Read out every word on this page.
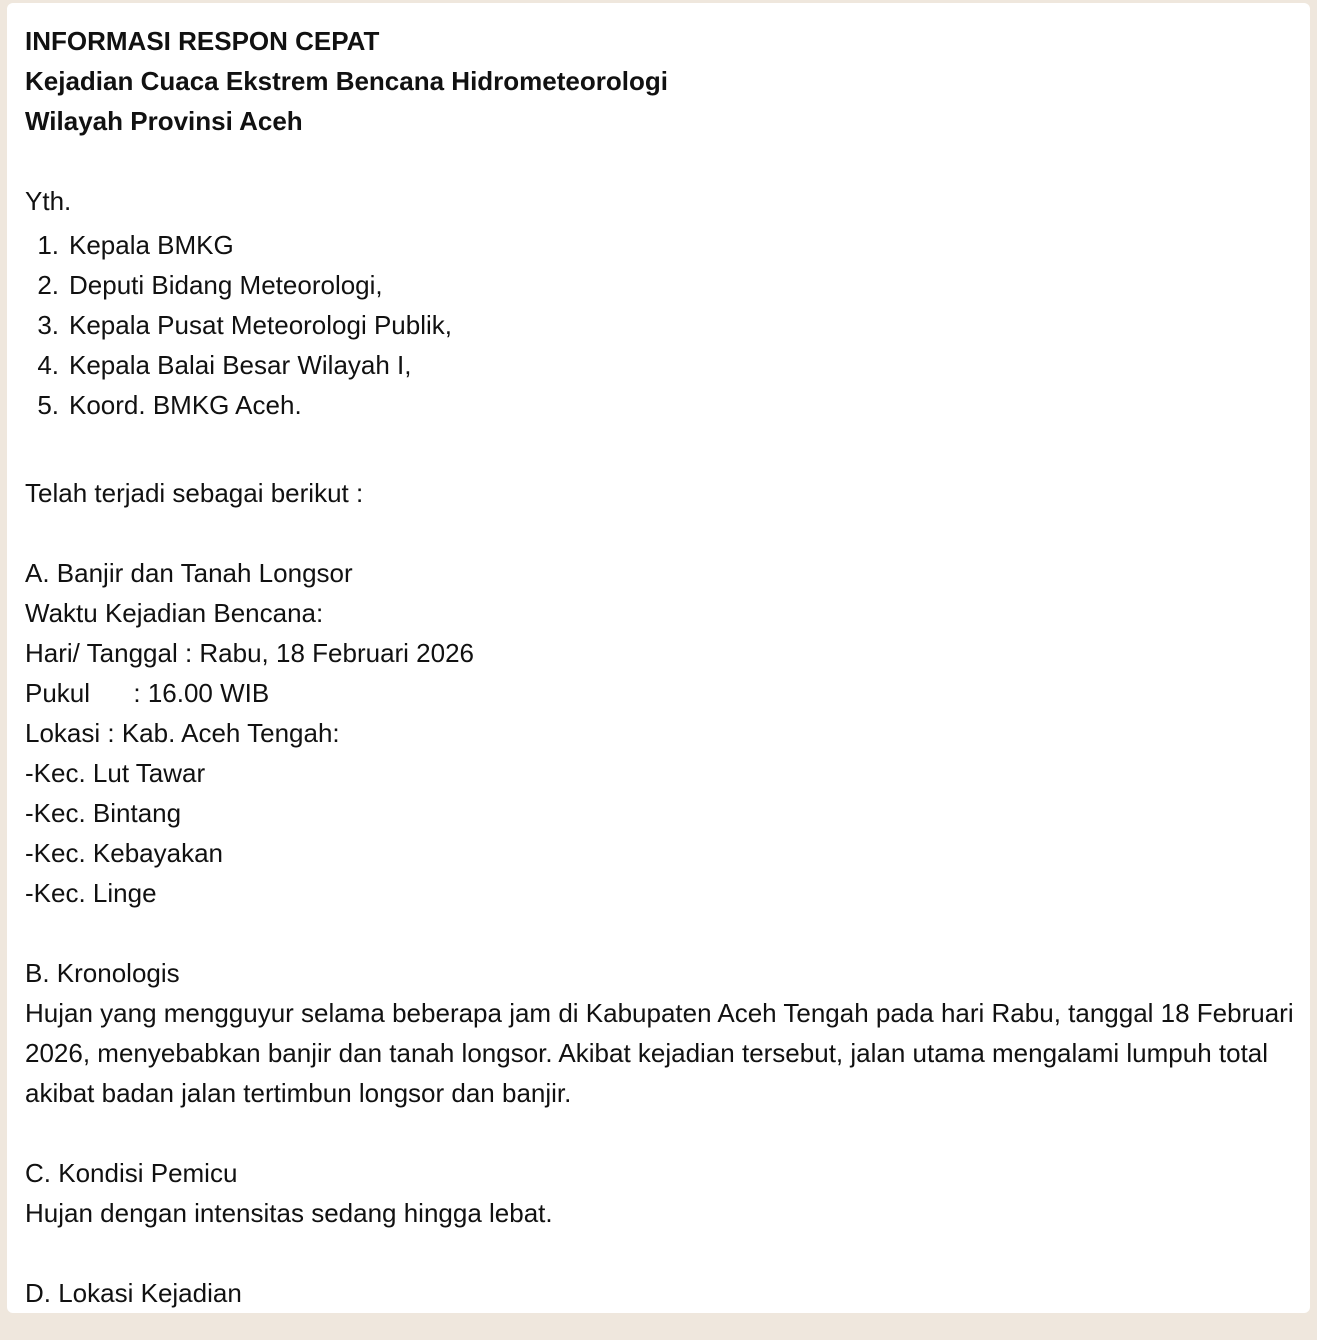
INFORMASI RESPON CEPAT
Kejadian Cuaca Ekstrem Bencana Hidrometeorologi
Wilayah Provinsi Aceh
Yth.
1. Kepala BMKG
2. Deputi Bidang Meteorologi,
3. Kepala Pusat Meteorologi Publik,
4. Kepala Balai Besar Wilayah I,
5. Koord. BMKG Aceh.
Telah terjadi sebagai berikut :
A. Banjir dan Tanah Longsor
Waktu Kejadian Bencana:
Hari/ Tanggal : Rabu, 18 Februari 2026
Pukul      : 16.00 WIB
Lokasi : Kab. Aceh Tengah:
-Kec. Lut Tawar
-Kec. Bintang
-Kec. Kebayakan
-Kec. Linge
B. Kronologis
Hujan yang mengguyur selama beberapa jam di Kabupaten Aceh Tengah pada hari Rabu, tanggal 18 Februari 2026, menyebabkan banjir dan tanah longsor. Akibat kejadian tersebut, jalan utama mengalami lumpuh total akibat badan jalan tertimbun longsor dan banjir.
C. Kondisi Pemicu
Hujan dengan intensitas sedang hingga lebat.
D. Lokasi Kejadian
